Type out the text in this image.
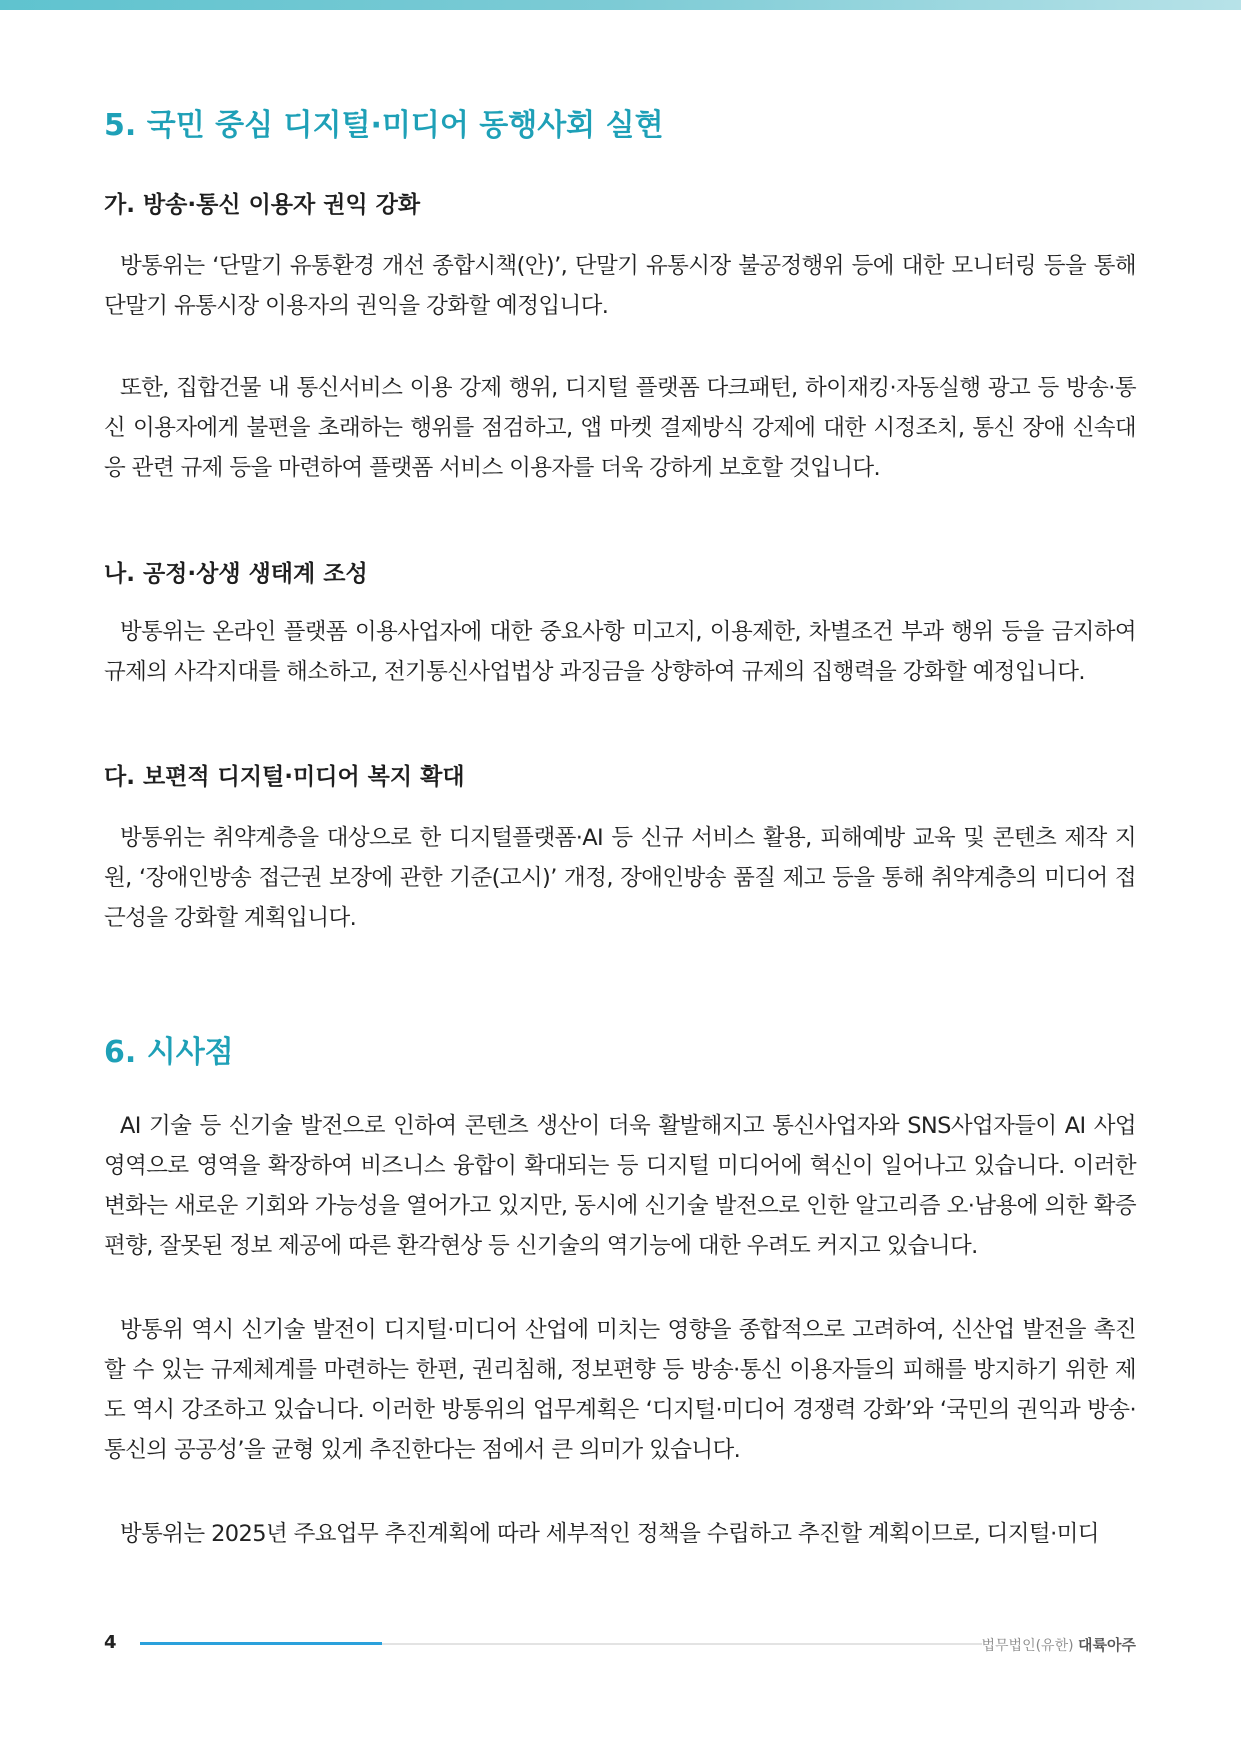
5. 국민 중심 디지털·미디어 동행사회 실현
가. 방송·통신 이용자 권익 강화

방통위는 ‘단말기 유통환경 개선 종합시책(안)’, 단말기 유통시장 불공정행위 등에 대한 모니터링 등을 통해 단말기 유통시장 이용자의 권익을 강화할 예정입니다.

또한, 집합건물 내 통신서비스 이용 강제 행위, 디지털 플랫폼 다크패턴, 하이재킹·자동실행 광고 등 방송·통신 이용자에게 불편을 초래하는 행위를 점검하고, 앱 마켓 결제방식 강제에 대한 시정조치, 통신 장애 신속대응 관련 규제 등을 마련하여 플랫폼 서비스 이용자를 더욱 강하게 보호할 것입니다.

나. 공정·상생 생태계 조성

방통위는 온라인 플랫폼 이용사업자에 대한 중요사항 미고지, 이용제한, 차별조건 부과 행위 등을 금지하여 규제의 사각지대를 해소하고, 전기통신사업법상 과징금을 상향하여 규제의 집행력을 강화할 예정입니다.

다. 보편적 디지털·미디어 복지 확대

방통위는 취약계층을 대상으로 한 디지털플랫폼·AI 등 신규 서비스 활용, 피해예방 교육 및 콘텐츠 제작 지원, ‘장애인방송 접근권 보장에 관한 기준(고시)’ 개정, 장애인방송 품질 제고 등을 통해 취약계층의 미디어 접근성을 강화할 계획입니다.

6. 시사점

AI 기술 등 신기술 발전으로 인하여 콘텐츠 생산이 더욱 활발해지고 통신사업자와 SNS사업자들이 AI 사업 영역으로 영역을 확장하여 비즈니스 융합이 확대되는 등 디지털 미디어에 혁신이 일어나고 있습니다. 이러한 변화는 새로운 기회와 가능성을 열어가고 있지만, 동시에 신기술 발전으로 인한 알고리즘 오·남용에 의한 확증편향, 잘못된 정보 제공에 따른 환각현상 등 신기술의 역기능에 대한 우려도 커지고 있습니다.

방통위 역시 신기술 발전이 디지털·미디어 산업에 미치는 영향을 종합적으로 고려하여, 신산업 발전을 촉진할 수 있는 규제체계를 마련하는 한편, 권리침해, 정보편향 등 방송·통신 이용자들의 피해를 방지하기 위한 제도 역시 강조하고 있습니다. 이러한 방통위의 업무계획은 ‘디지털·미디어 경쟁력 강화’와 ‘국민의 권익과 방송·통신의 공공성’을 균형 있게 추진한다는 점에서 큰 의미가 있습니다.

방통위는 2025년 주요업무 추진계획에 따라 세부적인 정책을 수립하고 추진할 계획이므로, 디지털·미디

4	법무법인(유한) 대륙아주
